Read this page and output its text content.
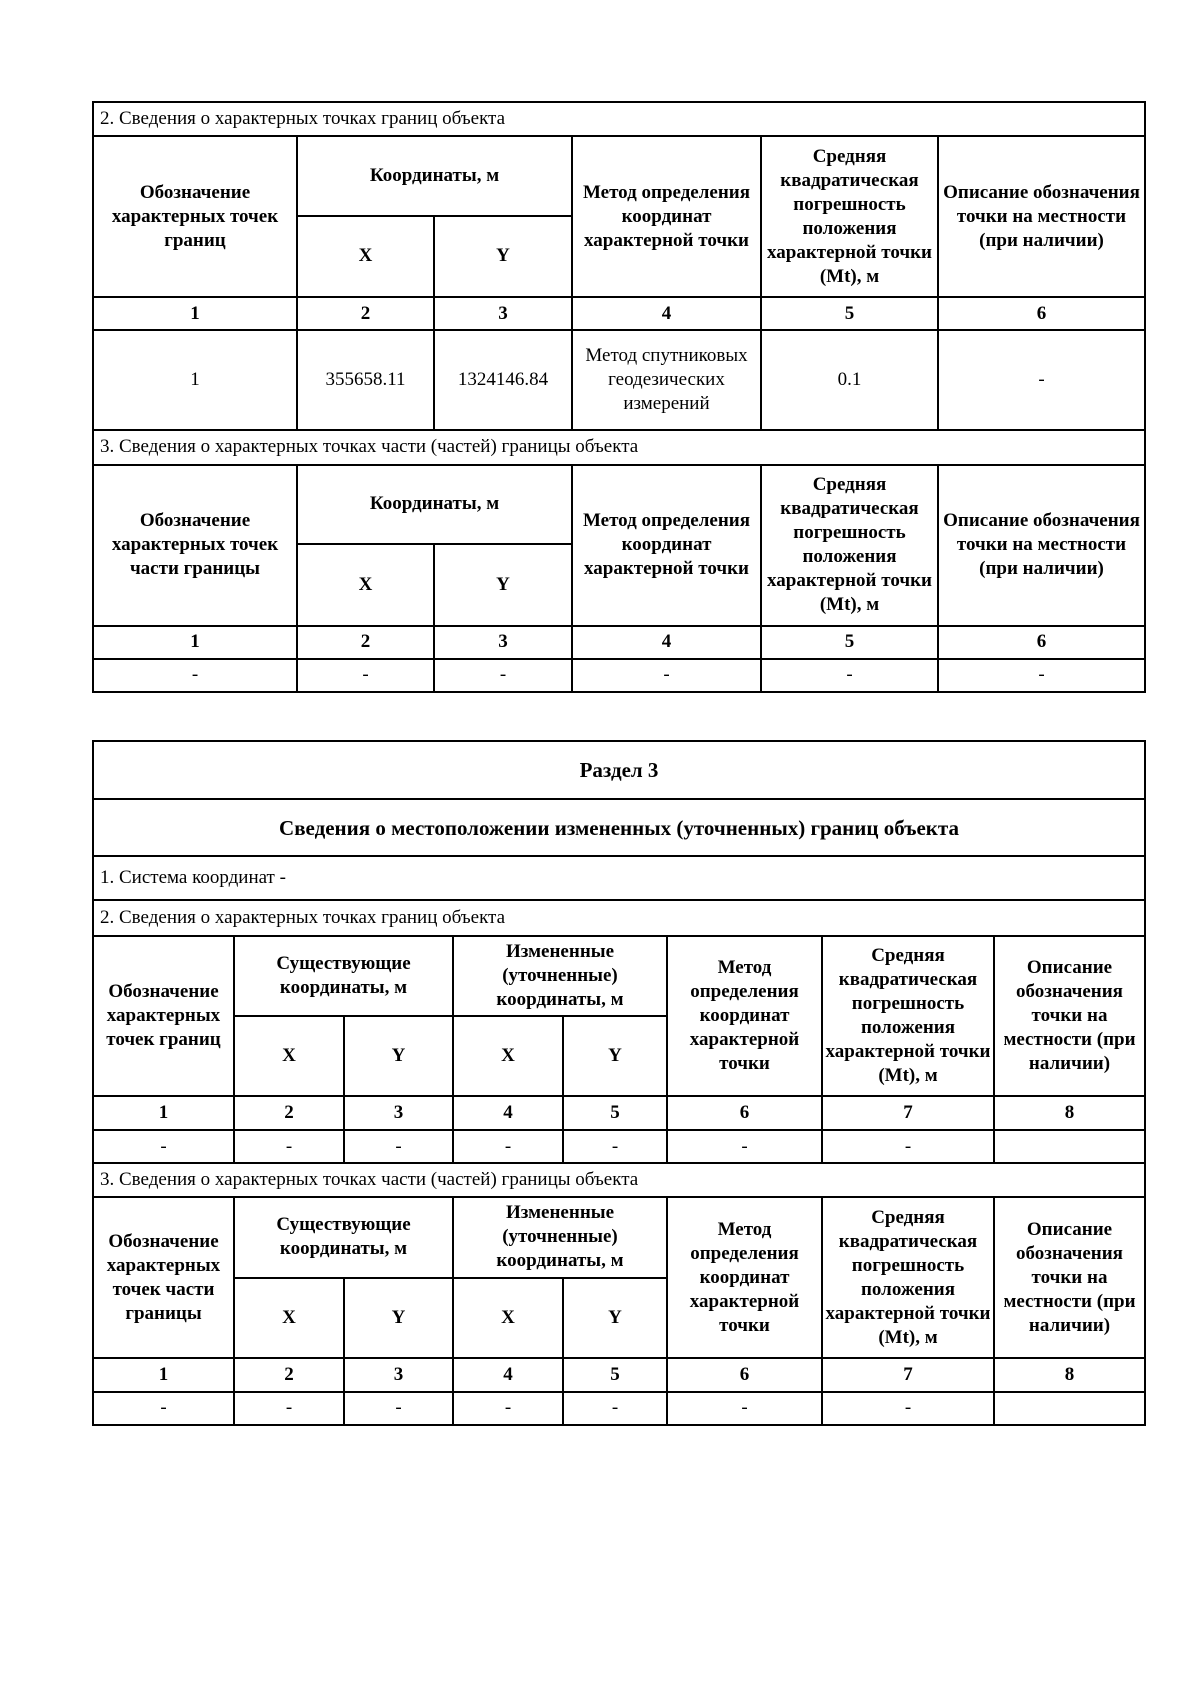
2. Сведения о характерных точках границ объекта					
Обозначение характерных точек границ	Координаты, м		Метод определения координат характерной точки	Средняя квадратическая погрешность положения характерной точки (Mt), м	Описание обозначения точки на местности (при наличии)
	X	Y			
1	2	3	4	5	6
1	355658.11	1324146.84	Метод спутниковых геодезических измерений	0.1	-
3. Сведения о характерных точках части (частей) границы объекта					
Обозначение характерных точек части границы	Координаты, м		Метод определения координат характерной точки	Средняя квадратическая погрешность положения характерной точки (Mt), м	Описание обозначения точки на местности (при наличии)
	X	Y			
1	2	3	4	5	6
-	-	-	-	-	-
Раздел 3							
Сведения о местоположении измененных (уточненных) границ объекта							
1. Система координат -							
2. Сведения о характерных точках границ объекта							
Обозначение характерных точек границ	Существующие координаты, м		Измененные (уточненные) координаты, м		Метод определения координат характерной точки	Средняя квадратическая погрешность положения характерной точки (Mt), м	Описание обозначения точки на местности (при наличии)
	X	Y	X	Y			
1	2	3	4	5	6	7	8
-	-	-	-	-	-	-	
3. Сведения о характерных точках части (частей) границы объекта							
Обозначение характерных точек части границы	Существующие координаты, м		Измененные (уточненные) координаты, м		Метод определения координат характерной точки	Средняя квадратическая погрешность положения характерной точки (Mt), м	Описание обозначения точки на местности (при наличии)
	X	Y	X	Y			
1	2	3	4	5	6	7	8
-	-	-	-	-	-	-	
